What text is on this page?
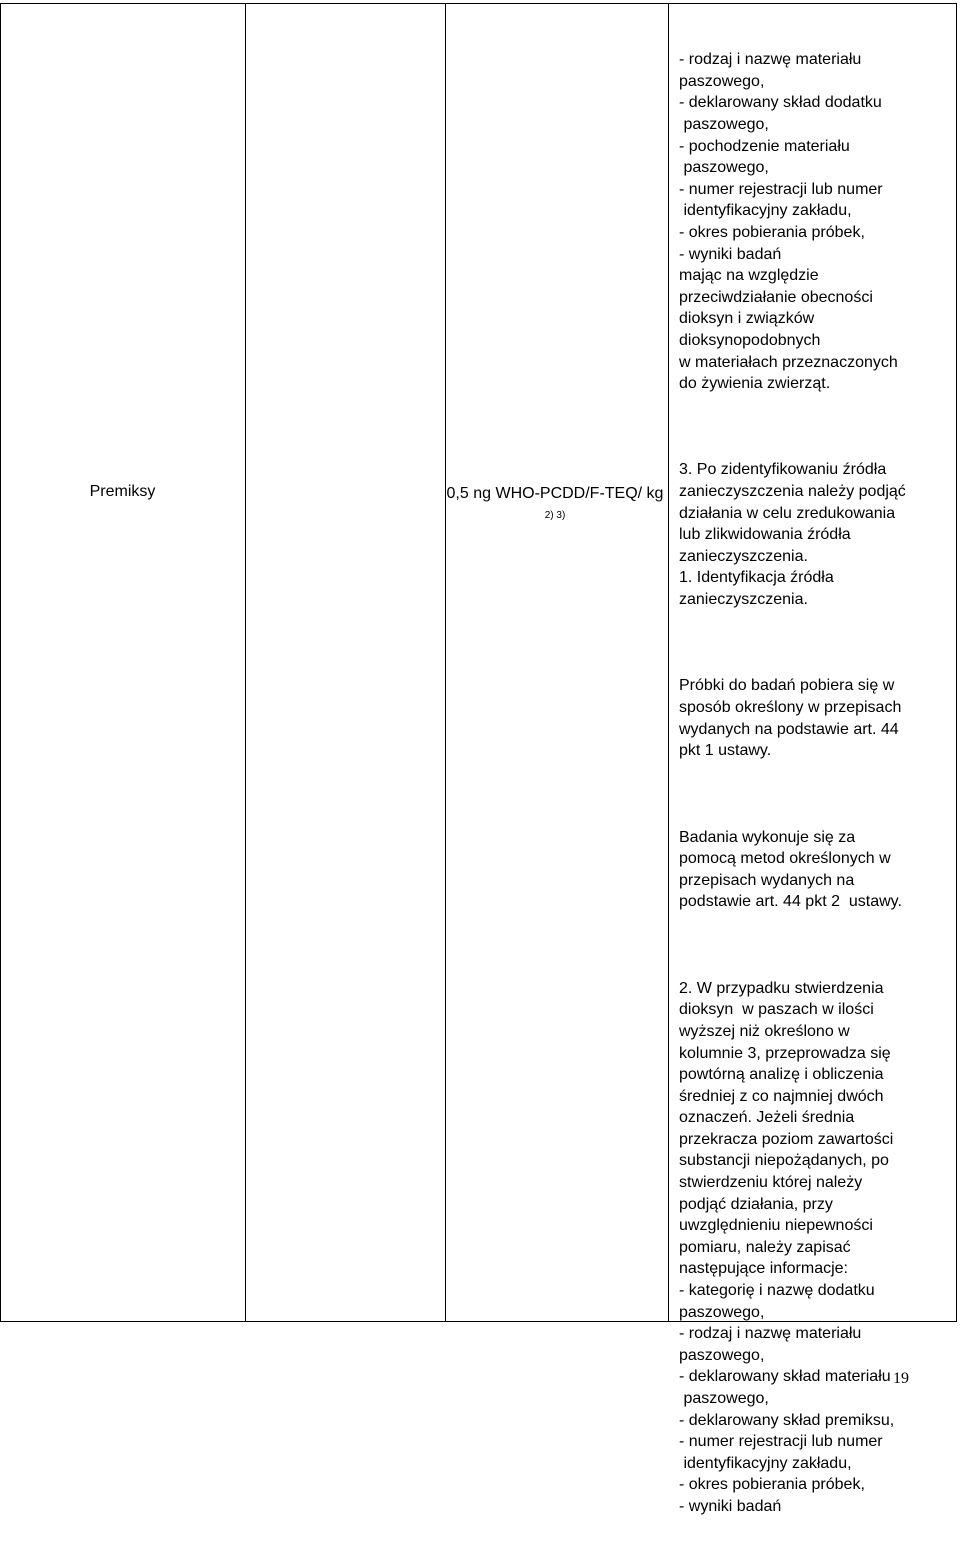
Premiksy	0,5 ng WHO-PCDD/F-TEQ/ kg $^{2) 3)}$

- rodzaj i nazwę materiału
paszowego,
- deklarowany skład dodatku
paszowego,
- pochodzenie materiału
paszowego,
- numer rejestracji lub numer
identyfikacyjny zakładu,
- okres pobierania próbek,
- wyniki badań
mając na względzie
przeciwdziałanie obecności
dioksyn i związków
dioksynopodobnych
w materiałach przeznaczonych
do żywienia zwierząt.

3. Po zidentyfikowaniu źródła
zanieczyszczenia należy podjąć
działania w celu zredukowania
lub zlikwidowania źródła
zanieczyszczenia.
1. Identyfikacja źródła
zanieczyszczenia.

Próbki do badań pobiera się w
sposób określony w przepisach
wydanych na podstawie art. 44
pkt 1 ustawy.

Badania wykonuje się za
pomocą metod określonych w
przepisach wydanych na
podstawie art. 44 pkt 2  ustawy.

2. W przypadku stwierdzenia
dioksyn  w paszach w ilości
wyższej niż określono w
kolumnie 3, przeprowadza się
powtórną analizę i obliczenia
średniej z co najmniej dwóch
oznaczeń. Jeżeli średnia
przekracza poziom zawartości
substancji niepożądanych, po
stwierdzeniu której należy
podjąć działania, przy
uwzględnieniu niepewności
pomiaru, należy zapisać
następujące informacje:
- kategorię i nazwę dodatku
paszowego,
- rodzaj i nazwę materiału
paszowego,
- deklarowany skład materiału
paszowego,
- deklarowany skład premiksu,
- numer rejestracji lub numer
identyfikacyjny zakładu,
- okres pobierania próbek,
- wyniki badań

19
